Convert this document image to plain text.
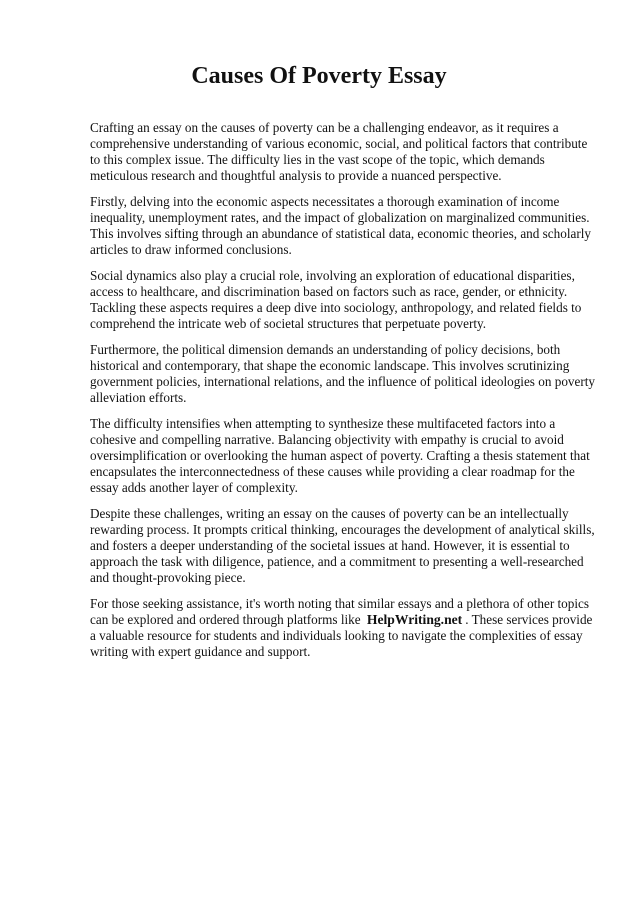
Causes Of Poverty Essay

Crafting an essay on the causes of poverty can be a challenging endeavor, as it requires a comprehensive understanding of various economic, social, and political factors that contribute to this complex issue. The difficulty lies in the vast scope of the topic, which demands meticulous research and thoughtful analysis to provide a nuanced perspective.

Firstly, delving into the economic aspects necessitates a thorough examination of income inequality, unemployment rates, and the impact of globalization on marginalized communities. This involves sifting through an abundance of statistical data, economic theories, and scholarly articles to draw informed conclusions.

Social dynamics also play a crucial role, involving an exploration of educational disparities, access to healthcare, and discrimination based on factors such as race, gender, or ethnicity. Tackling these aspects requires a deep dive into sociology, anthropology, and related fields to comprehend the intricate web of societal structures that perpetuate poverty.

Furthermore, the political dimension demands an understanding of policy decisions, both historical and contemporary, that shape the economic landscape. This involves scrutinizing government policies, international relations, and the influence of political ideologies on poverty alleviation efforts.

The difficulty intensifies when attempting to synthesize these multifaceted factors into a cohesive and compelling narrative. Balancing objectivity with empathy is crucial to avoid oversimplification or overlooking the human aspect of poverty. Crafting a thesis statement that encapsulates the interconnectedness of these causes while providing a clear roadmap for the essay adds another layer of complexity.

Despite these challenges, writing an essay on the causes of poverty can be an intellectually rewarding process. It prompts critical thinking, encourages the development of analytical skills, and fosters a deeper understanding of the societal issues at hand. However, it is essential to approach the task with diligence, patience, and a commitment to presenting a well-researched and thought-provoking piece.

For those seeking assistance, it's worth noting that similar essays and a plethora of other topics can be explored and ordered through platforms like HelpWriting.net . These services provide a valuable resource for students and individuals looking to navigate the complexities of essay writing with expert guidance and support.
